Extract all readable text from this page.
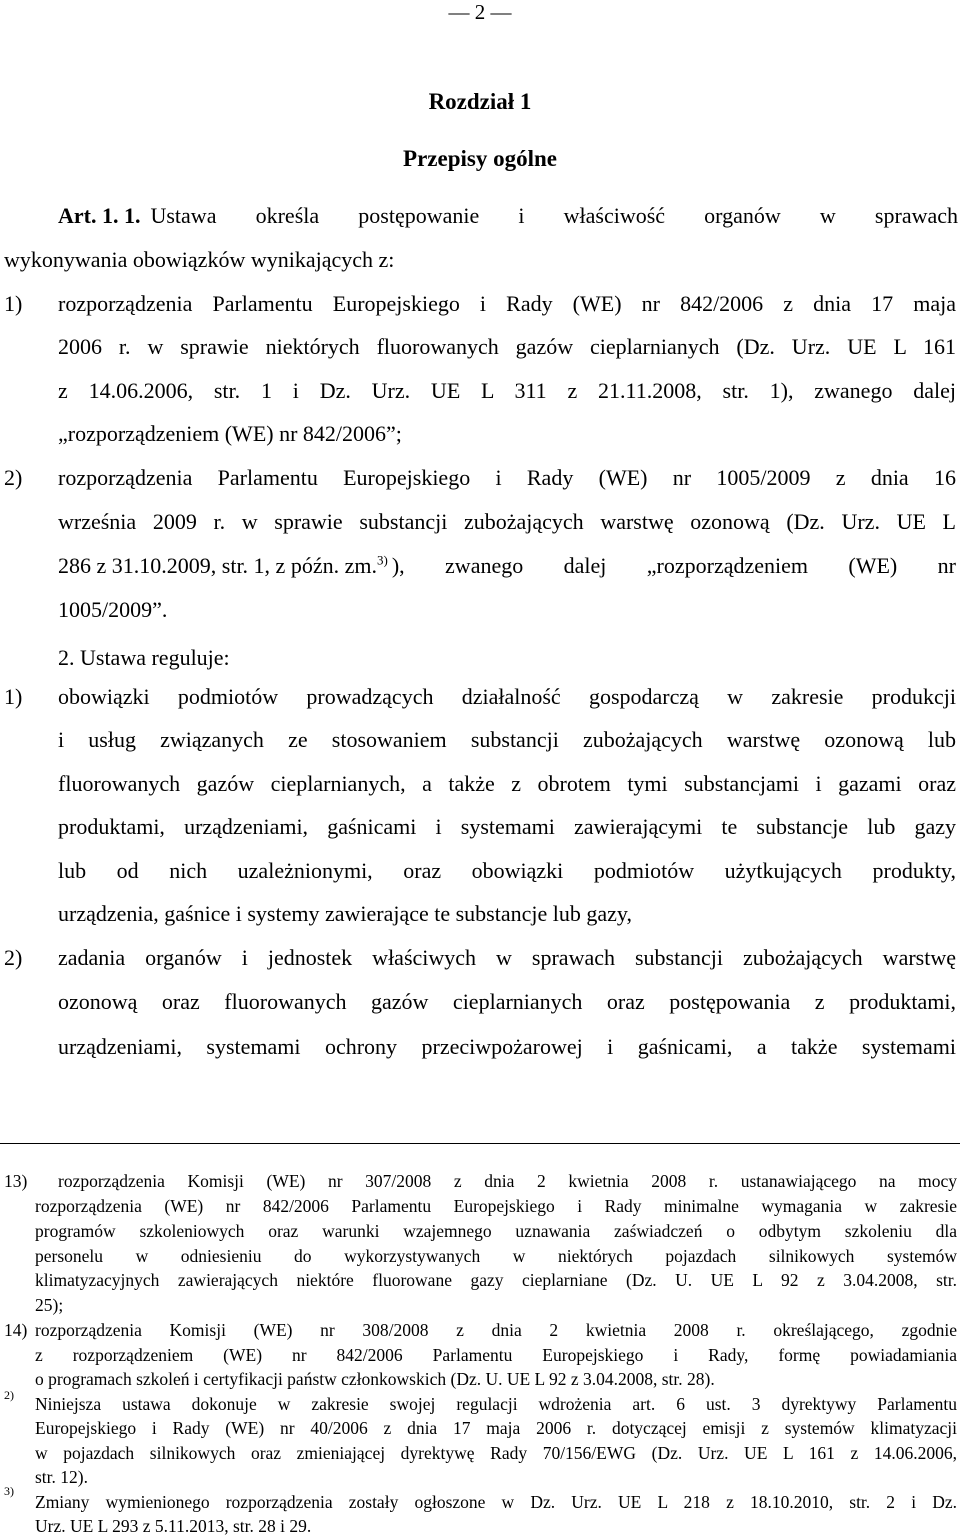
— 2 —
Rozdział 1
Przepisy ogólne
Art. 1. 1. Ustawa określa postępowanie i właściwość organów w sprawach
wykonywania obowiązków wynikających z:
1) rozporządzenia Parlamentu Europejskiego i Rady (WE) nr 842/2006 z dnia 17 maja
2006 r. w sprawie niektórych fluorowanych gazów cieplarnianych (Dz. Urz. UE L 161
z 14.06.2006, str. 1 i Dz. Urz. UE L 311 z 21.11.2008, str. 1), zwanego dalej
„rozporządzeniem (WE) nr 842/2006”;
2) rozporządzenia Parlamentu Europejskiego i Rady (WE) nr 1005/2009 z dnia 16
września 2009 r. w sprawie substancji zubożających warstwę ozonową (Dz. Urz. UE L
286 z 31.10.2009, str. 1, z późn. zm.$^{3)}$ ), zwanego dalej „rozporządzeniem (WE) nr
1005/2009”.
2. Ustawa reguluje:
1) obowiązki podmiotów prowadzących działalność gospodarczą w zakresie produkcji
i usług związanych ze stosowaniem substancji zubożających warstwę ozonową lub
fluorowanych gazów cieplarnianych, a także z obrotem tymi substancjami i gazami oraz
produktami, urządzeniami, gaśnicami i systemami zawierającymi te substancje lub gazy
lub od nich uzależnionymi, oraz obowiązki podmiotów użytkujących produkty,
urządzenia, gaśnice i systemy zawierające te substancje lub gazy,
2) zadania organów i jednostek właściwych w sprawach substancji zubożających warstwę
ozonową oraz fluorowanych gazów cieplarnianych oraz postępowania z produktami,
urządzeniami, systemami ochrony przeciwpożarowej i gaśnicami, a także systemami
13) rozporządzenia Komisji (WE) nr 307/2008 z dnia 2 kwietnia 2008 r. ustanawiającego na mocy
rozporządzenia (WE) nr 842/2006 Parlamentu Europejskiego i Rady minimalne wymagania w zakresie
programów szkoleniowych oraz warunki wzajemnego uznawania zaświadczeń o odbytym szkoleniu dla
personelu w odniesieniu do wykorzystywanych w niektórych pojazdach silnikowych systemów
klimatyzacyjnych zawierających niektóre fluorowane gazy cieplarniane (Dz. U. UE L 92 z 3.04.2008, str.
25);
14) rozporządzenia Komisji (WE) nr 308/2008 z dnia 2 kwietnia 2008 r. określającego, zgodnie
z rozporządzeniem (WE) nr 842/2006 Parlamentu Europejskiego i Rady, formę powiadamiania
o programach szkoleń i certyfikacji państw członkowskich (Dz. U. UE L 92 z 3.04.2008, str. 28).
2) Niniejsza ustawa dokonuje w zakresie swojej regulacji wdrożenia art. 6 ust. 3 dyrektywy Parlamentu
Europejskiego i Rady (WE) nr 40/2006 z dnia 17 maja 2006 r. dotyczącej emisji z systemów klimatyzacji
w pojazdach silnikowych oraz zmieniającej dyrektywę Rady 70/156/EWG (Dz. Urz. UE L 161 z 14.06.2006,
str. 12).
3)
Zmiany wymienionego rozporządzenia zostały ogłoszone w Dz. Urz. UE L 218 z 18.10.2010, str. 2 i Dz.
Urz. UE L 293 z 5.11.2013, str. 28 i 29.
